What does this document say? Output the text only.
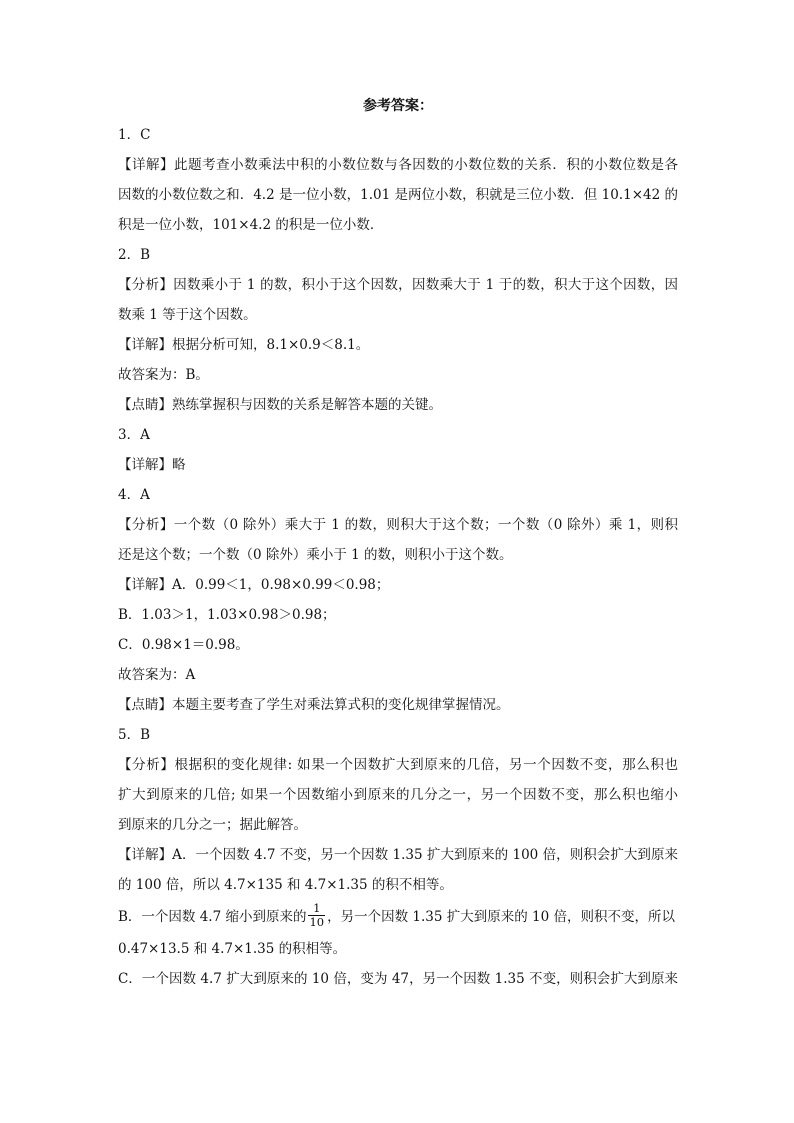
参考答案：

1．C

【详解】此题考查小数乘法中积的小数位数与各因数的小数位数的关系．积的小数位数是各

因数的小数位数之和．4.2 是一位小数，1.01 是两位小数，积就是三位小数．但 10.1×42 的

积是一位小数，101×4.2 的积是一位小数．

2．B

【分析】因数乘小于 1 的数，积小于这个因数，因数乘大于 1 于的数，积大于这个因数，因

数乘 1 等于这个因数。

【详解】根据分析可知，8.1×0.9＜8.1。

故答案为：B。

【点睛】熟练掌握积与因数的关系是解答本题的关键。

3．A

【详解】略

4．A

【分析】一个数（0 除外）乘大于 1 的数，则积大于这个数；一个数（0 除外）乘 1，则积

还是这个数；一个数（0 除外）乘小于 1 的数，则积小于这个数。

【详解】A．0.99＜1，0.98×0.99＜0.98；

B．1.03＞1，1.03×0.98＞0.98；

C．0.98×1＝0.98。

故答案为：A

【点睛】本题主要考查了学生对乘法算式积的变化规律掌握情况。

5．B

【分析】根据积的变化规律: 如果一个因数扩大到原来的几倍，另一个因数不变，那么积也

扩大到原来的几倍; 如果一个因数缩小到原来的几分之一，另一个因数不变，那么积也缩小

到原来的几分之一；据此解答。

【详解】A．一个因数 4.7 不变，另一个因数 1.35 扩大到原来的 100 倍，则积会扩大到原来

的 100 倍，所以 4.7×135 和 4.7×1.35 的积不相等。

B．一个因数 4.7 缩小到原来的 $\frac{1}{10}$ ，另一个因数 1.35 扩大到原来的 10 倍，则积不变，所以

0.47×13.5 和 4.7×1.35 的积相等。

C．一个因数 4.7 扩大到原来的 10 倍，变为 47，另一个因数 1.35 不变，则积会扩大到原来
